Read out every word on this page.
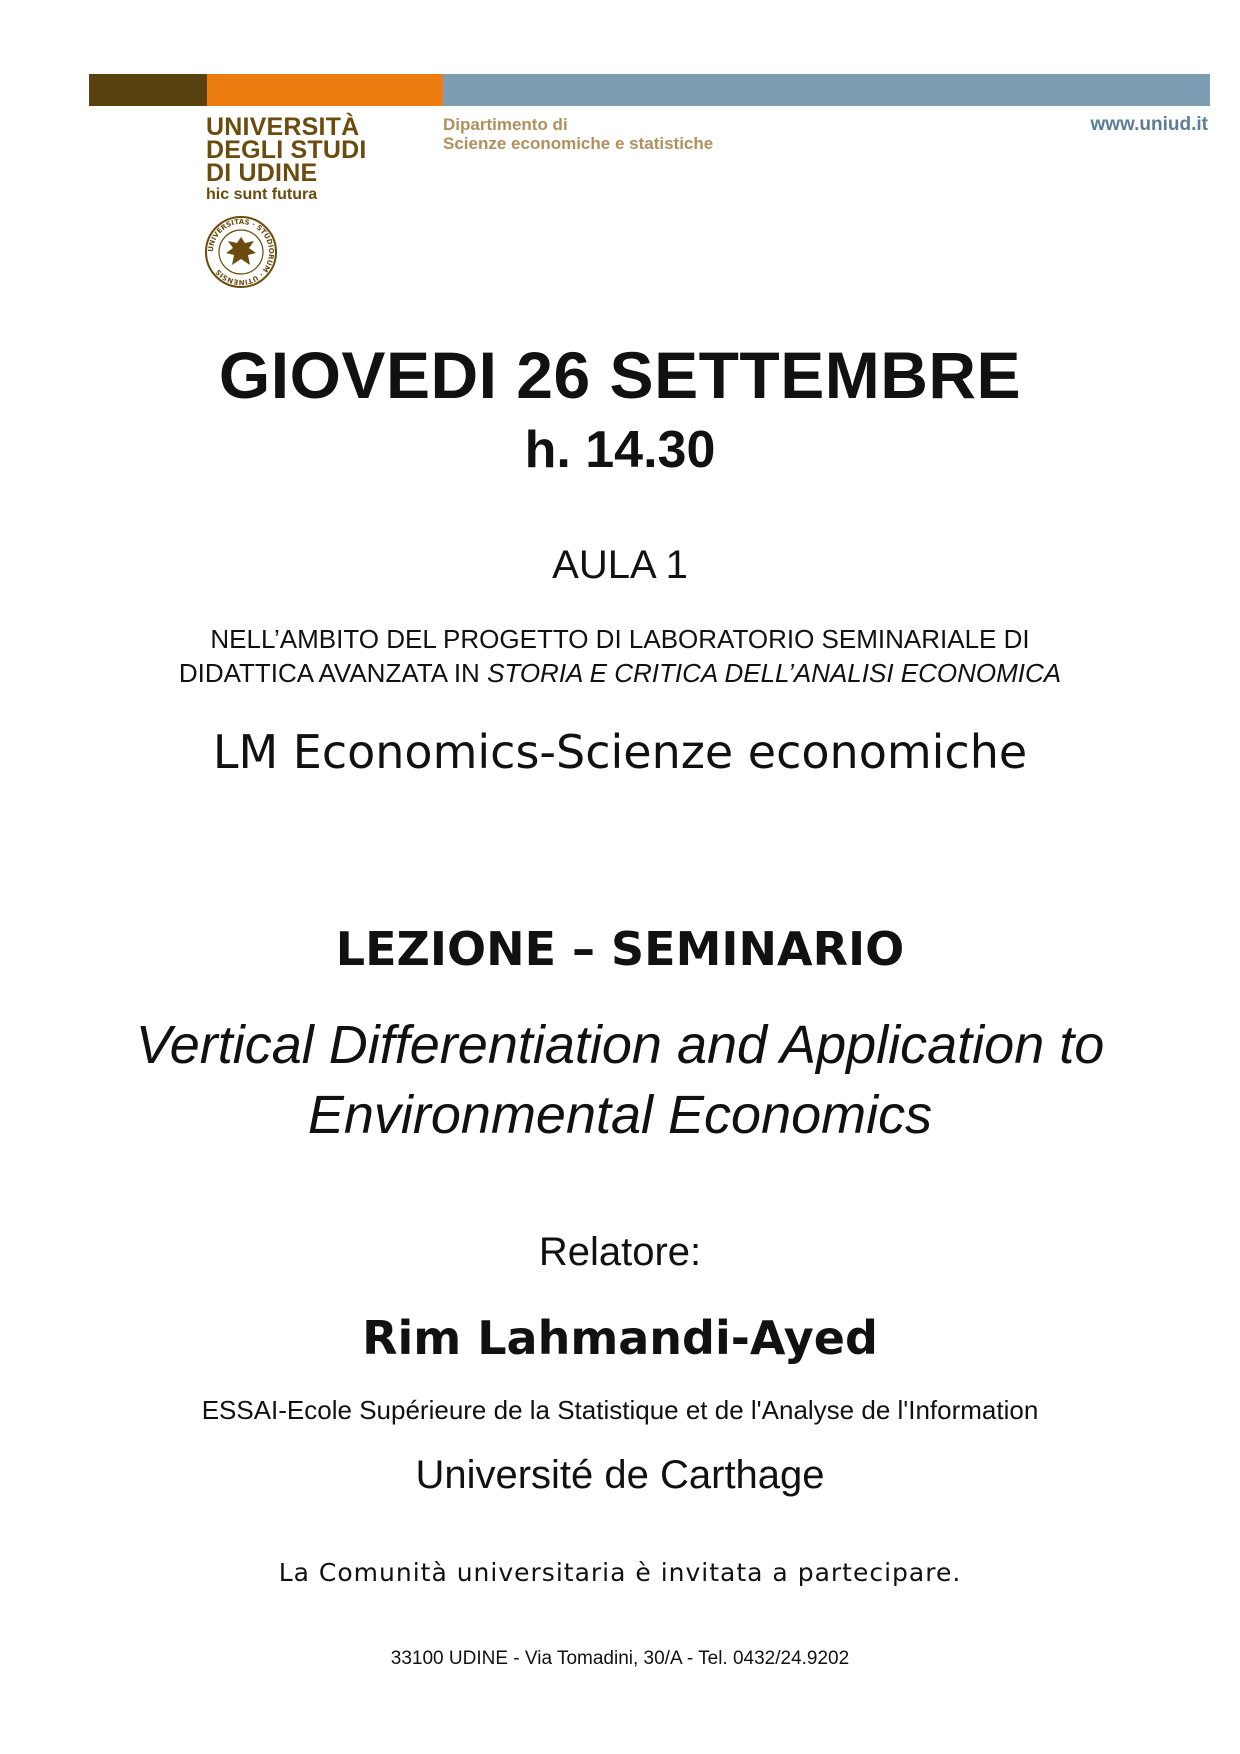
UNIVERSITÀ
DEGLI STUDI
DI UDINE
hic sunt futura
UNIVERSITAS · STUDIORUM · UTINENSIS
Dipartimento di
Scienze economiche e statistiche
www.uniud.it
GIOVEDI 26 SETTEMBRE
h. 14.30
AULA 1
NELL’AMBITO DEL PROGETTO DI LABORATORIO SEMINARIALE DI
DIDATTICA AVANZATA IN STORIA E CRITICA DELL’ANALISI ECONOMICA
LM Economics-Scienze economiche
LEZIONE – SEMINARIO
Vertical Differentiation and Application to
Environmental Economics
Relatore:
Rim Lahmandi-Ayed
ESSAI-Ecole Supérieure de la Statistique et de l'Analyse de l'Information
Université de Carthage
La Comunità universitaria è invitata a partecipare.
33100 UDINE - Via Tomadini, 30/A - Tel. 0432/24.9202
